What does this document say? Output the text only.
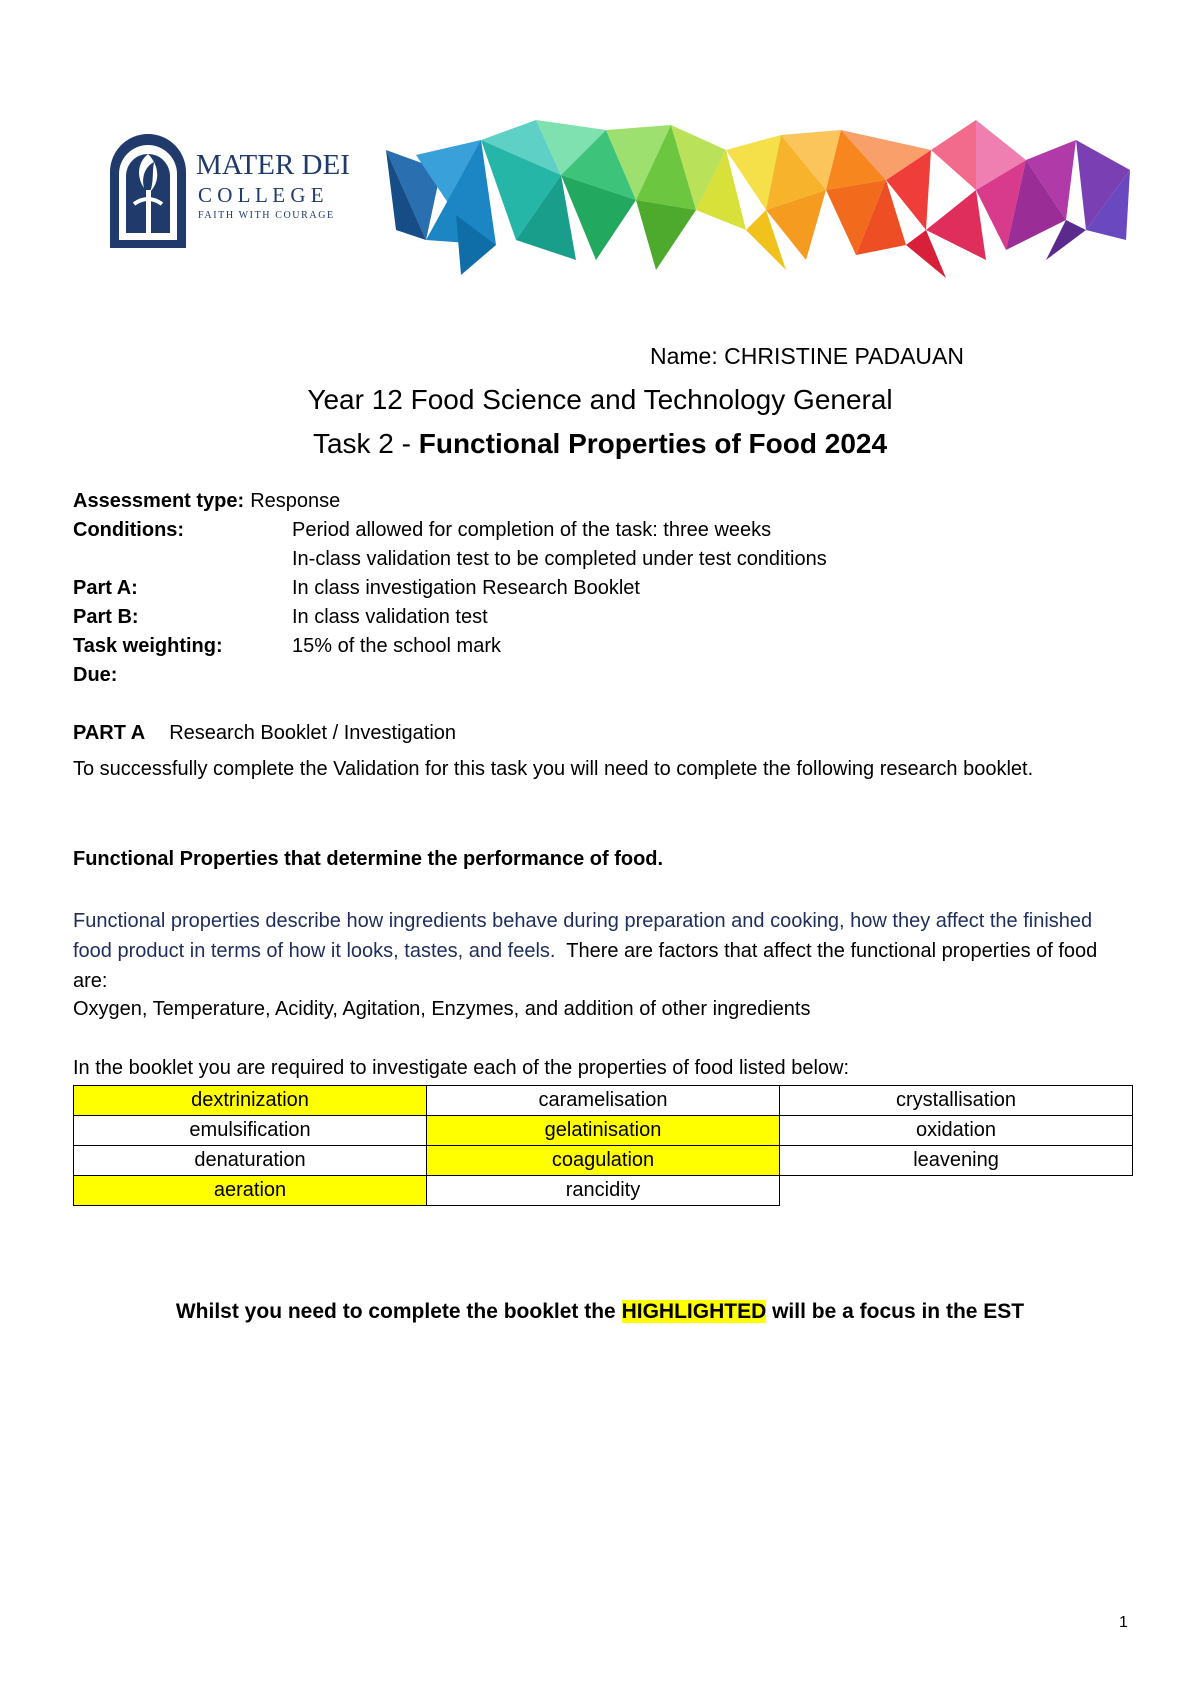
MATER DEI
C O L L E G E
FAITH WITH COURAGE
Name: CHRISTINE PADAUAN
Year 12 Food Science and Technology General
Task 2 - Functional Properties of Food 2024
Assessment type: Response
Conditions:	Period allowed for completion of the task: three weeks
In-class validation test to be completed under test conditions
Part A:	In class investigation Research Booklet
Part B:	In class validation test
Task weighting:	15% of the school mark
Due:
PART A Research Booklet / Investigation
To successfully complete the Validation for this task you will need to complete the following research booklet.
Functional Properties that determine the performance of food.
Functional properties describe how ingredients behave during preparation and cooking, how they affect the finished food product in terms of how it looks, tastes, and feels. There are factors that affect the functional properties of food are:
Oxygen, Temperature, Acidity, Agitation, Enzymes, and addition of other ingredients
In the booklet you are required to investigate each of the properties of food listed below:
dextrinization	caramelisation	crystallisation
emulsification	gelatinisation	oxidation
denaturation	coagulation	leavening
aeration	rancidity	
Whilst you need to complete the booklet the HIGHLIGHTED will be a focus in the EST
1
